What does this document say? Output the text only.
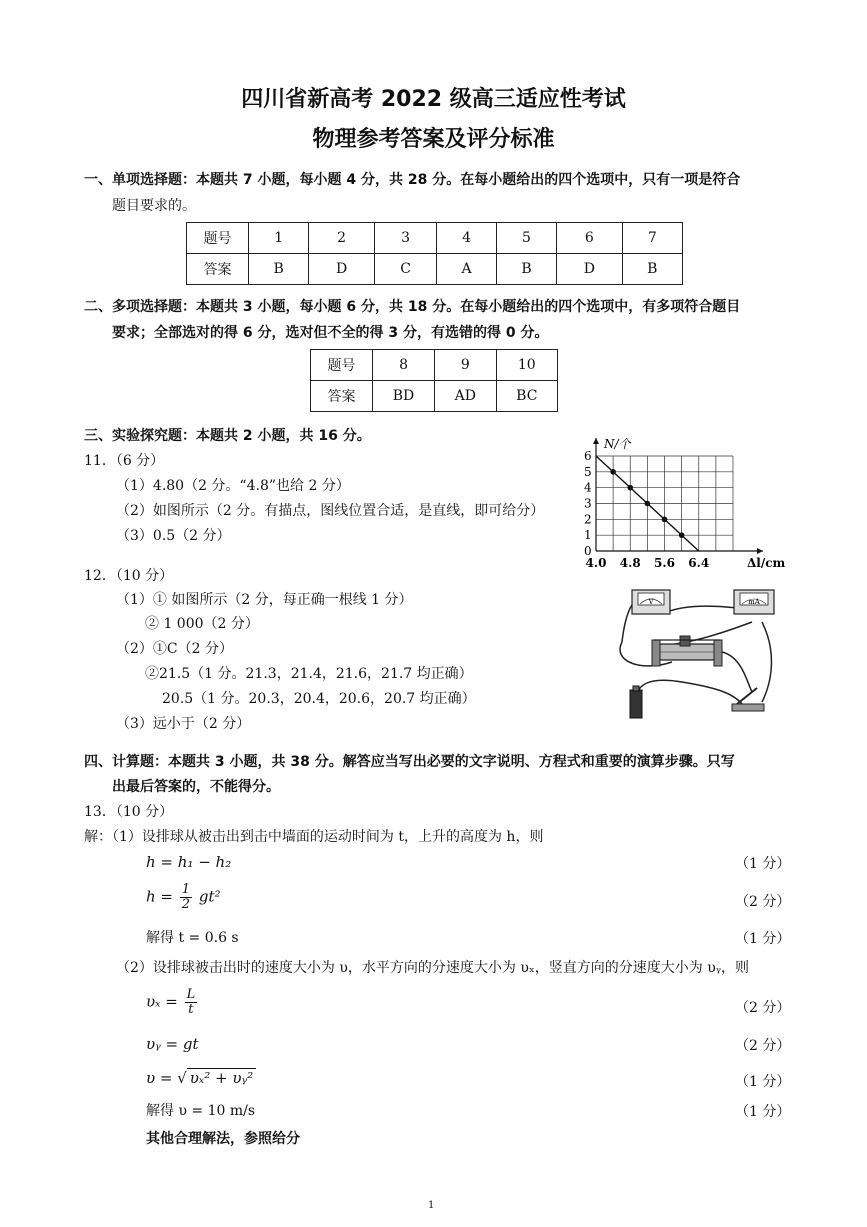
四川省新高考 2022 级高三适应性考试
物理参考答案及评分标准
一、单项选择题：本题共 7 小题，每小题 4 分，共 28 分。在每小题给出的四个选项中，只有一项是符合
题目要求的。
题号	1	2	3	4	5	6	7
答案	B	D	C	A	B	D	B
二、多项选择题：本题共 3 小题，每小题 6 分，共 18 分。在每小题给出的四个选项中，有多项符合题目
要求；全部选对的得 6 分，选对但不全的得 3 分，有选错的得 0 分。
题号	8	9	10
答案	BD	AD	BC
三、实验探究题：本题共 2 小题，共 16 分。
11．（6 分）
（1）4.80（2 分。“4.8”也给 2 分）
（2）如图所示（2 分。有描点，图线位置合适，是直线，即可给分）
（3）0.5（2 分）
0
1
2
3
4
5
6
4.0 4.8 5.6 6.4
N/个
Δl/cm
12．（10 分）
（1）① 如图所示（2 分，每正确一根线 1 分）
② 1 000（2 分）
（2）①C（2 分）
②21.5（1 分。21.3，21.4，21.6，21.7 均正确）
20.5（1 分。20.3，20.4，20.6，20.7 均正确）
（3）远小于（2 分）
V	mA
四、计算题：本题共 3 小题，共 38 分。解答应当写出必要的文字说明、方程式和重要的演算步骤。只写
出最后答案的，不能得分。
13．（10 分）
解：（1）设排球从被击出到击中墙面的运动时间为 t，上升的高度为 h，则
h = h₁ − h₂	（1 分）
$h = \frac{1}{2} gt^2$	（2 分）
解得 t = 0.6 s	（1 分）
（2）设排球被击出时的速度大小为 υ，水平方向的分速度大小为 υₓ，竖直方向的分速度大小为 υᵧ，则
$\upsilon_x = \frac{L}{t}$	（2 分）
υᵧ = gt	（2 分）
υ = √ υₓ² + υᵧ²	（1 分）
解得 υ = 10 m/s	（1 分）
其他合理解法，参照给分
1
